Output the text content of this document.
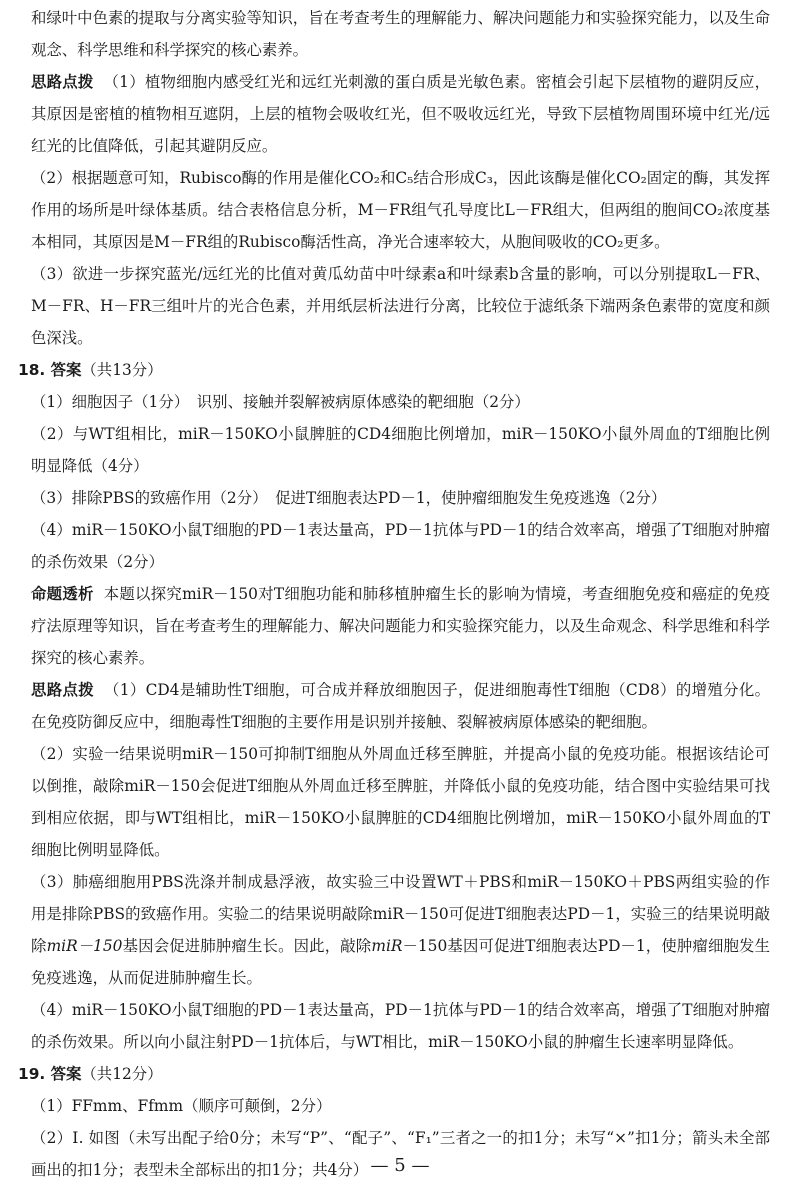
和绿叶中色素的提取与分离实验等知识，旨在考查考生的理解能力、解决问题能力和实验探究能力，以及生命观念、科学思维和科学探究的核心素养。

思路点拨 （1）植物细胞内感受红光和远红光刺激的蛋白质是光敏色素。密植会引起下层植物的避阴反应，其原因是密植的植物相互遮阴，上层的植物会吸收红光，但不吸收远红光，导致下层植物周围环境中红光/远红光的比值降低，引起其避阴反应。

（2）根据题意可知，Rubisco酶的作用是催化CO₂和C₅结合形成C₃，因此该酶是催化CO₂固定的酶，其发挥作用的场所是叶绿体基质。结合表格信息分析，M－FR组气孔导度比L－FR组大，但两组的胞间CO₂浓度基本相同，其原因是M－FR组的Rubisco酶活性高，净光合速率较大，从胞间吸收的CO₂更多。

（3）欲进一步探究蓝光/远红光的比值对黄瓜幼苗中叶绿素a和叶绿素b含量的影响，可以分别提取L－FR、M－FR、H－FR三组叶片的光合色素，并用纸层析法进行分离，比较位于滤纸条下端两条色素带的宽度和颜色深浅。

18. 答案（共13分）

（1）细胞因子（1分）　识别、接触并裂解被病原体感染的靶细胞（2分）

（2）与WT组相比，miR－150KO小鼠脾脏的CD4细胞比例增加，miR－150KO小鼠外周血的T细胞比例明显降低（4分）

（3）排除PBS的致癌作用（2分）　促进T细胞表达PD－1，使肿瘤细胞发生免疫逃逸（2分）

（4）miR－150KO小鼠T细胞的PD－1表达量高，PD－1抗体与PD－1的结合效率高，增强了T细胞对肿瘤的杀伤效果（2分）

命题透析 本题以探究miR－150对T细胞功能和肺移植肿瘤生长的影响为情境，考查细胞免疫和癌症的免疫疗法原理等知识，旨在考查考生的理解能力、解决问题能力和实验探究能力，以及生命观念、科学思维和科学探究的核心素养。

思路点拨 （1）CD4是辅助性T细胞，可合成并释放细胞因子，促进细胞毒性T细胞（CD8）的增殖分化。在免疫防御反应中，细胞毒性T细胞的主要作用是识别并接触、裂解被病原体感染的靶细胞。

（2）实验一结果说明miR－150可抑制T细胞从外周血迁移至脾脏，并提高小鼠的免疫功能。根据该结论可以倒推，敲除miR－150会促进T细胞从外周血迁移至脾脏，并降低小鼠的免疫功能，结合图中实验结果可找到相应依据，即与WT组相比，miR－150KO小鼠脾脏的CD4细胞比例增加，miR－150KO小鼠外周血的T细胞比例明显降低。

（3）肺癌细胞用PBS洗涤并制成悬浮液，故实验三中设置WT＋PBS和miR－150KO＋PBS两组实验的作用是排除PBS的致癌作用。实验二的结果说明敲除miR－150可促进T细胞表达PD－1，实验三的结果说明敲除miR－150基因会促进肺肿瘤生长。因此，敲除miR－150基因可促进T细胞表达PD－1，使肿瘤细胞发生免疫逃逸，从而促进肺肿瘤生长。

（4）miR－150KO小鼠T细胞的PD－1表达量高，PD－1抗体与PD－1的结合效率高，增强了T细胞对肿瘤的杀伤效果。所以向小鼠注射PD－1抗体后，与WT相比，miR－150KO小鼠的肿瘤生长速率明显降低。

19. 答案（共12分）

（1）FFmm、Ffmm（顺序可颠倒，2分）

（2）Ⅰ. 如图（未写出配子给0分；未写“P”、“配子”、“F₁”三者之一的扣1分；未写“×”扣1分；箭头未全部画出的扣1分；表型未全部标出的扣1分；共4分） — 5 —
